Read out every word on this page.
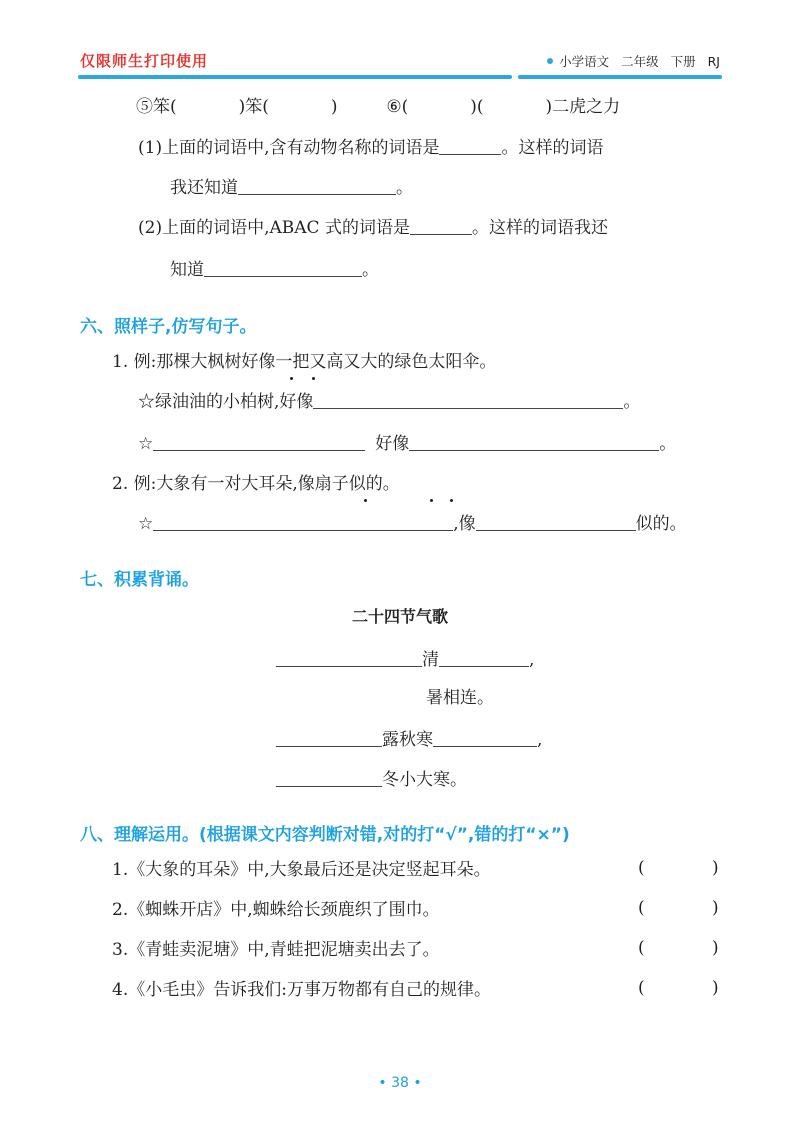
仅限师生打印使用	小学语文 二年级 下册 RJ
⑤笨(	)笨(	)	⑥(	)(	)二虎之力
(1)上面的词语中,含有动物名称的词语是	。这样的词语
我还知道	。
(2)上面的词语中,ABAC 式的词语是	。这样的词语我还
知道	。
六、照样子,仿写句子。
1. 例:那棵大枫树好像一把又高又大的绿色太阳伞。
☆绿油油的小柏树,好像	。
☆	好像	。
2. 例:大象有一对大耳朵,像扇子似的。
☆	,像	似的。
七、积累背诵。
二十四节气歌
清	,
暑相连。
露秋寒	,
冬小大寒。
八、理解运用。(根据课文内容判断对错,对的打“√”,错的打“×”)
1.《大象的耳朵》中,大象最后还是决定竖起耳朵。	(	)
2.《蜘蛛开店》中,蜘蛛给长颈鹿织了围巾。	(	)
3.《青蛙卖泥塘》中,青蛙把泥塘卖出去了。	(	)
4.《小毛虫》告诉我们:万事万物都有自己的规律。	(	)
• 38 •
